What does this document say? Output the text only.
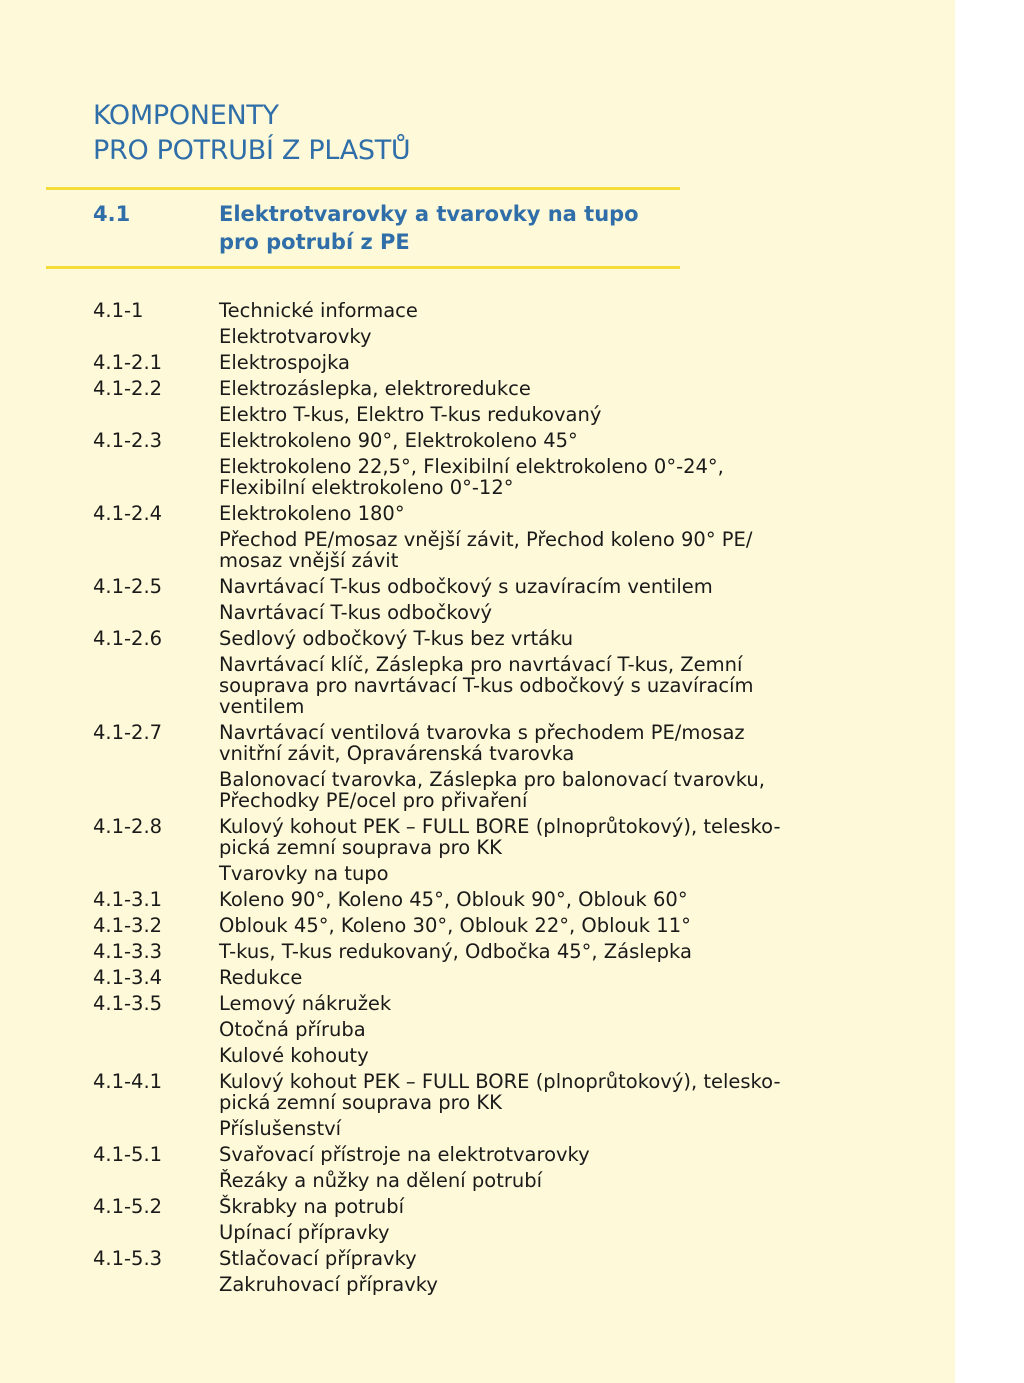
KOMPONENTY
PRO POTRUBÍ Z PLASTŮ
4.1	Elektrotvarovky a tvarovky na tupo
pro potrubí z PE
4.1-1	Technické informace
Elektrotvarovky
4.1-2.1	Elektrospojka
4.1-2.2	Elektrozáslepka, elektroredukce
Elektro T-kus, Elektro T-kus redukovaný
4.1-2.3	Elektrokoleno 90°, Elektrokoleno 45°
Elektrokoleno 22,5°, Flexibilní elektrokoleno 0°-24°,
Flexibilní elektrokoleno 0°-12°
4.1-2.4	Elektrokoleno 180°
Přechod PE/mosaz vnější závit, Přechod koleno 90° PE/
mosaz vnější závit
4.1-2.5	Navrtávací T-kus odbočkový s uzavíracím ventilem
Navrtávací T-kus odbočkový
4.1-2.6	Sedlový odbočkový T-kus bez vrtáku
Navrtávací klíč, Záslepka pro navrtávací T-kus, Zemní
souprava pro navrtávací T-kus odbočkový s uzavíracím
ventilem
4.1-2.7	Navrtávací ventilová tvarovka s přechodem PE/mosaz
vnitřní závit, Opravárenská tvarovka
Balonovací tvarovka, Záslepka pro balonovací tvarovku,
Přechodky PE/ocel pro přivaření
4.1-2.8	Kulový kohout PEK – FULL BORE (plnoprůtokový), telesko-
pická zemní souprava pro KK
Tvarovky na tupo
4.1-3.1	Koleno 90°, Koleno 45°, Oblouk 90°, Oblouk 60°
4.1-3.2	Oblouk 45°, Koleno 30°, Oblouk 22°, Oblouk 11°
4.1-3.3	T-kus, T-kus redukovaný, Odbočka 45°, Záslepka
4.1-3.4	Redukce
4.1-3.5	Lemový nákružek
Otočná příruba
Kulové kohouty
4.1-4.1	Kulový kohout PEK – FULL BORE (plnoprůtokový), telesko-
pická zemní souprava pro KK
Příslušenství
4.1-5.1	Svařovací přístroje na elektrotvarovky
Řezáky a nůžky na dělení potrubí
4.1-5.2	Škrabky na potrubí
Upínací přípravky
4.1-5.3	Stlačovací přípravky
Zakruhovací přípravky
